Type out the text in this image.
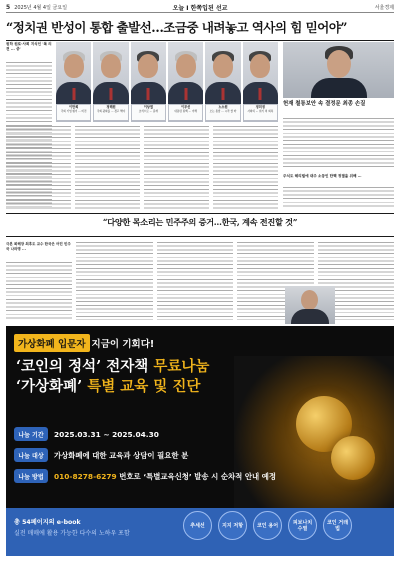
5 2025년 4월 4일 금요일	오늘 I 한쪽입된 선교	서울경제
“정치권 반성이 통합 출발선…조금중 내려놓고 역사의 힘 믿어야”
원하 원로·사회 지식인 '복 의견 ... 중'
이만희
국회 기업 형이 ... 비전
정해원
국회 평화를 ... 경고 해야
이상열
초석으로 ... 갈래
이무선
대통령 탄핵 ... 이해
노소원
오는 통합 ... 시작 할 바
정미정
사회의 ... 위기 의 회복
헌재 철통보안 속 결정문 최종 손질
주식도 헤리벌에 대주 소등인 탄핵 정결을 위해 ...
“다양한 목소리는 민주주의 증거…한국, 계속 전진할 것”
극본 회해장 최후도 교수 한국은 어린 민주국 나라명 ...
가상화폐 입문자 지금이 기회다!
‘코인의 정석’ 전자책 무료나눔
‘가상화폐’ 특별 교육 및 진단
나눔 기간	2025.03.31 ~ 2025.04.30
나눔 대상	가상화폐에 대한 교육과 상담이 필요한 분
나눔 방법	010-8278-6279 번호로 ‘특별교육신청’ 발송 시 순차적 안내 예정
총 54페이지의 e-book
실전 매매에 활용 가능한 다수의 노하우 포함
추세선	지지 저항	코인 용어	피보나치 수열
코인 거래법
